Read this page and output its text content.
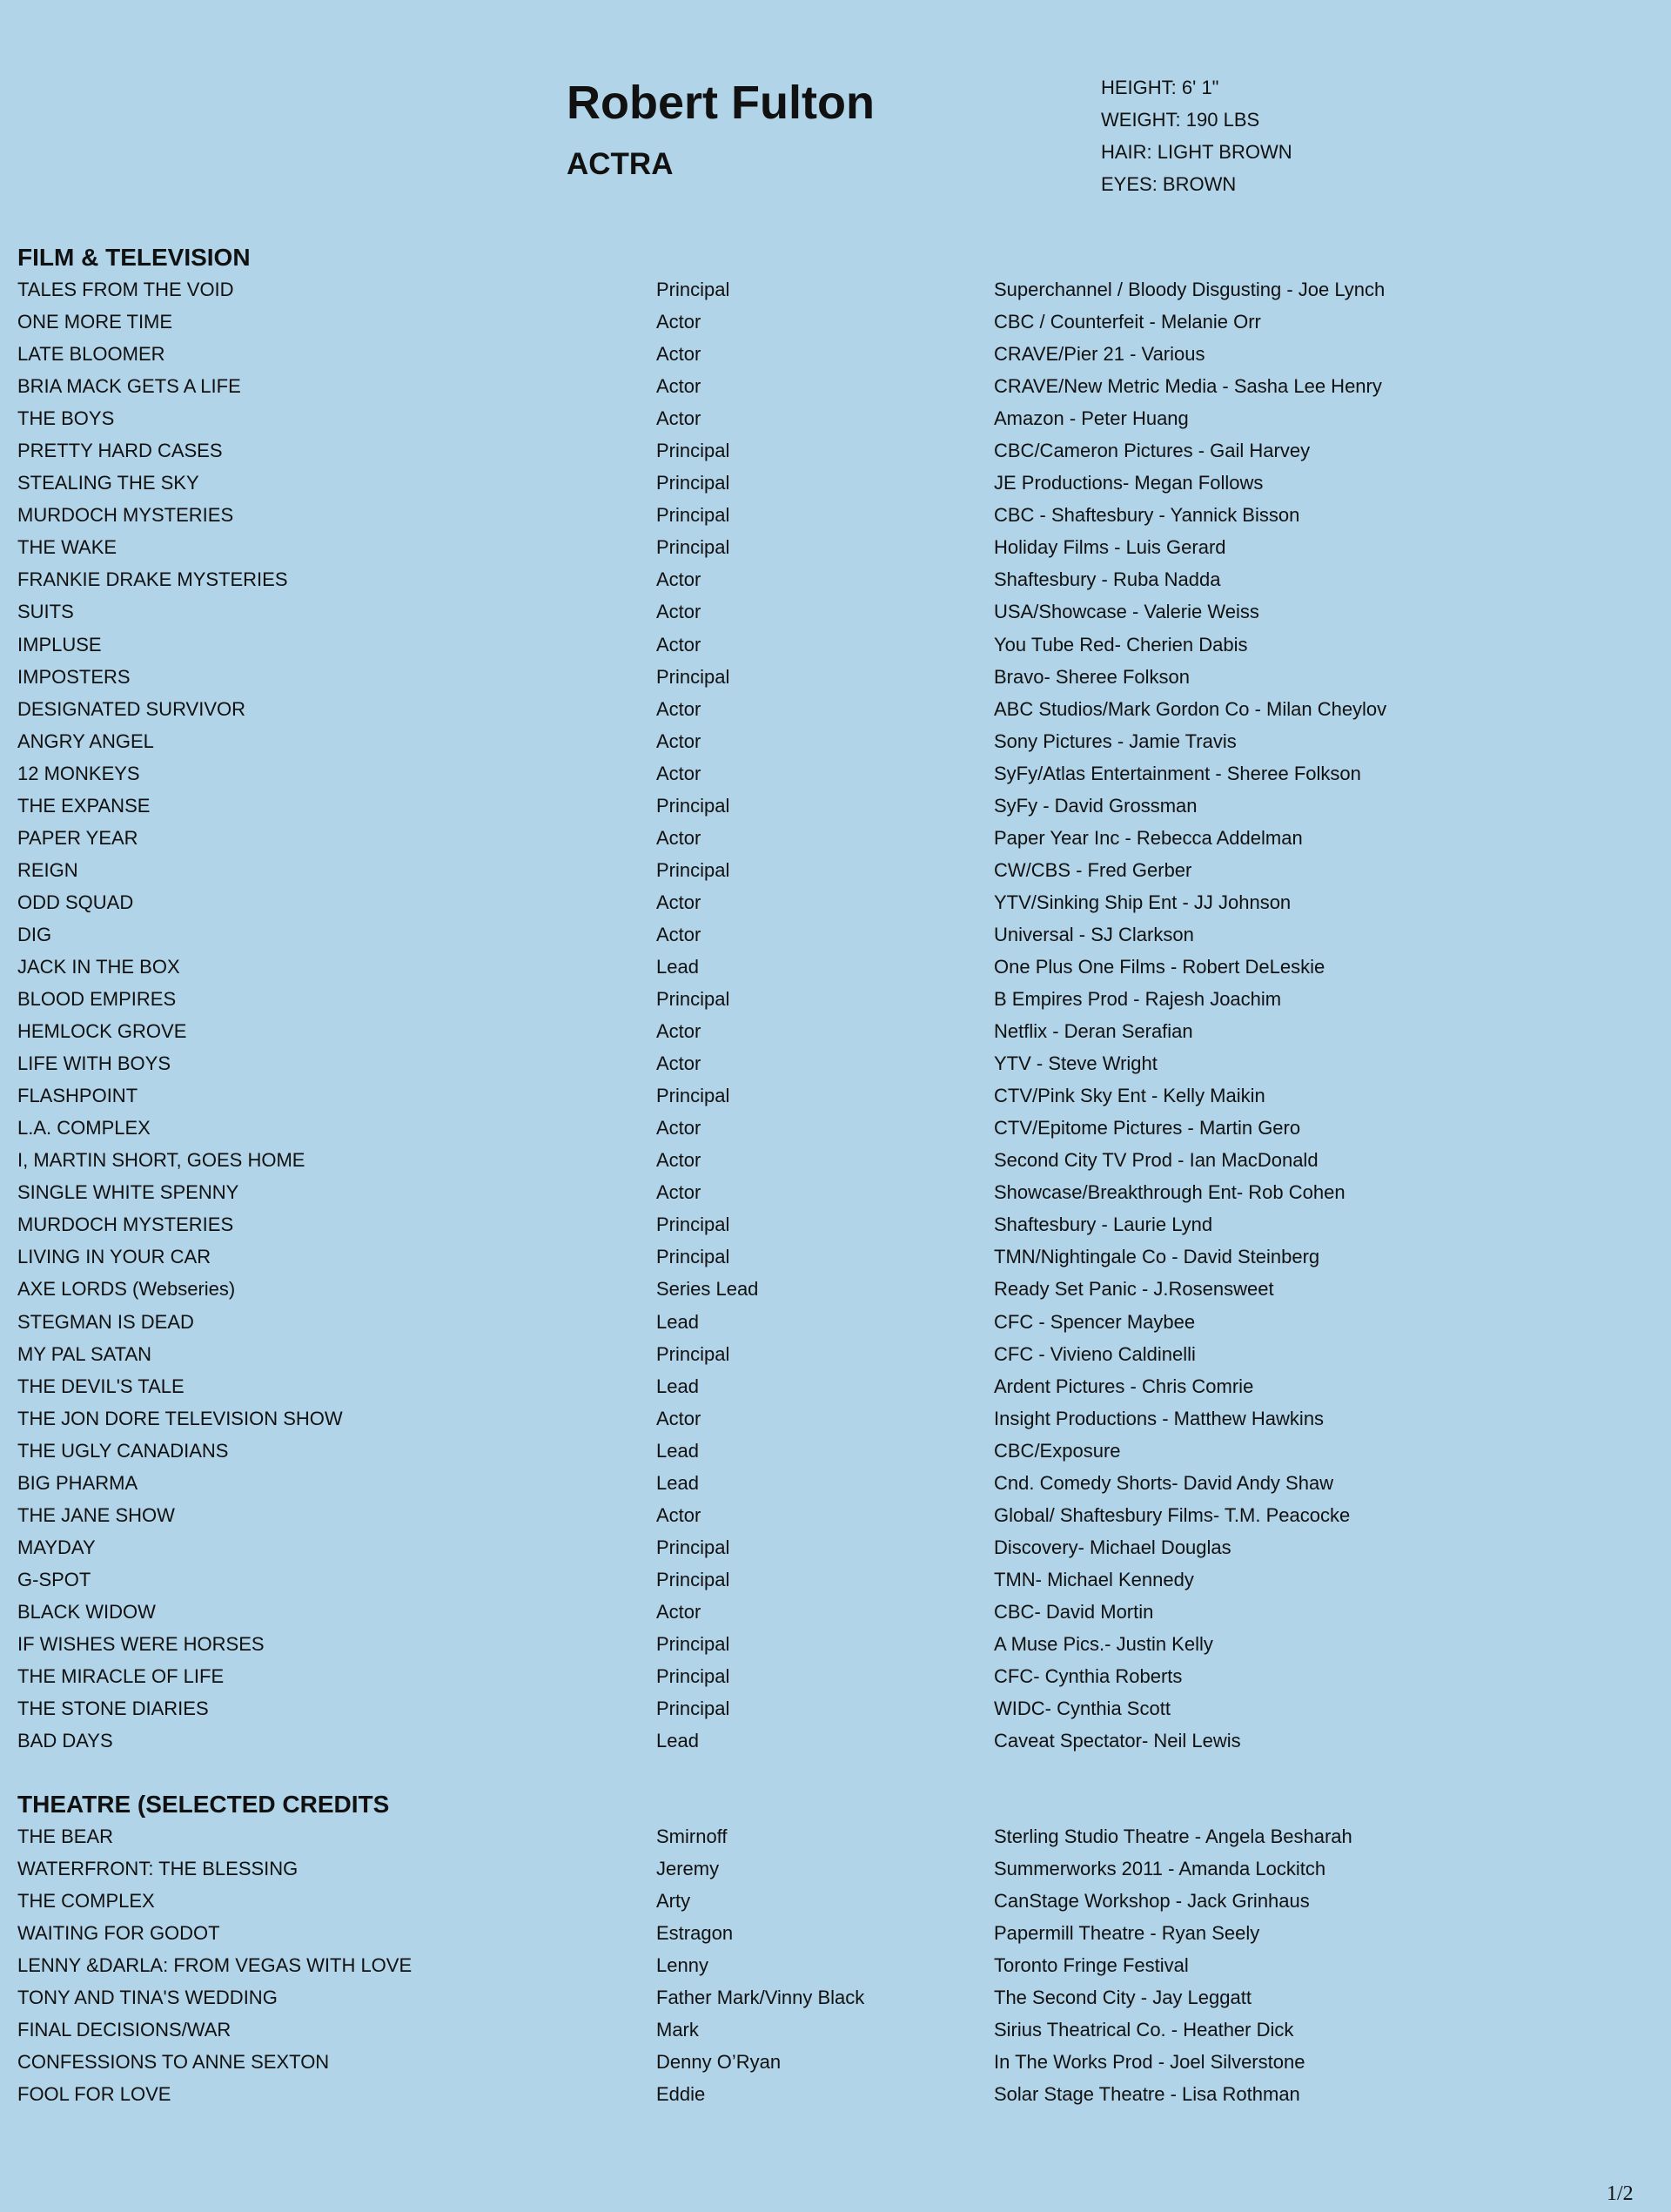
Robert Fulton
ACTRA
HEIGHT: 6' 1"
WEIGHT: 190 LBS
HAIR: LIGHT BROWN
EYES: BROWN
FILM & TELEVISION
TALES FROM THE VOID	Principal	Superchannel / Bloody Disgusting - Joe Lynch
ONE MORE TIME	Actor	CBC / Counterfeit - Melanie Orr
LATE BLOOMER	Actor	CRAVE/Pier 21 - Various
BRIA MACK GETS A LIFE	Actor	CRAVE/New Metric Media - Sasha Lee Henry
THE BOYS	Actor	Amazon - Peter Huang
PRETTY HARD CASES	Principal	CBC/Cameron Pictures - Gail Harvey
STEALING THE SKY	Principal	JE Productions- Megan Follows
MURDOCH MYSTERIES	Principal	CBC - Shaftesbury - Yannick Bisson
THE WAKE	Principal	Holiday Films - Luis Gerard
FRANKIE DRAKE MYSTERIES	Actor	Shaftesbury - Ruba Nadda
SUITS	Actor	USA/Showcase - Valerie Weiss
IMPLUSE	Actor	You Tube Red- Cherien Dabis
IMPOSTERS	Principal	Bravo- Sheree Folkson
DESIGNATED SURVIVOR	Actor	ABC Studios/Mark Gordon Co - Milan Cheylov
ANGRY ANGEL	Actor	Sony Pictures - Jamie Travis
12 MONKEYS	Actor	SyFy/Atlas Entertainment - Sheree Folkson
THE EXPANSE	Principal	SyFy - David Grossman
PAPER YEAR	Actor	Paper Year Inc - Rebecca Addelman
REIGN	Principal	CW/CBS - Fred Gerber
ODD SQUAD	Actor	YTV/Sinking Ship Ent - JJ Johnson
DIG	Actor	Universal - SJ Clarkson
JACK IN THE BOX	Lead	One Plus One Films - Robert DeLeskie
BLOOD EMPIRES	Principal	B Empires Prod - Rajesh Joachim
HEMLOCK GROVE	Actor	Netflix - Deran Serafian
LIFE WITH BOYS	Actor	YTV - Steve Wright
FLASHPOINT	Principal	CTV/Pink Sky Ent - Kelly Maikin
L.A. COMPLEX	Actor	CTV/Epitome Pictures - Martin Gero
I, MARTIN SHORT, GOES HOME	Actor	Second City TV Prod - Ian MacDonald
SINGLE WHITE SPENNY	Actor	Showcase/Breakthrough Ent- Rob Cohen
MURDOCH MYSTERIES	Principal	Shaftesbury - Laurie Lynd
LIVING IN YOUR CAR	Principal	TMN/Nightingale Co - David Steinberg
AXE LORDS (Webseries)	Series Lead	Ready Set Panic - J.Rosensweet
STEGMAN IS DEAD	Lead	CFC - Spencer Maybee
MY PAL SATAN	Principal	CFC - Vivieno Caldinelli
THE DEVIL'S TALE	Lead	Ardent Pictures - Chris Comrie
THE JON DORE TELEVISION SHOW	Actor	Insight Productions - Matthew Hawkins
THE UGLY CANADIANS	Lead	CBC/Exposure
BIG PHARMA	Lead	Cnd. Comedy Shorts- David Andy Shaw
THE JANE SHOW	Actor	Global/ Shaftesbury Films- T.M. Peacocke
MAYDAY	Principal	Discovery- Michael Douglas
G-SPOT	Principal	TMN- Michael Kennedy
BLACK WIDOW	Actor	CBC- David Mortin
IF WISHES WERE HORSES	Principal	A Muse Pics.- Justin Kelly
THE MIRACLE OF LIFE	Principal	CFC- Cynthia Roberts
THE STONE DIARIES	Principal	WIDC- Cynthia Scott
BAD DAYS	Lead	Caveat Spectator- Neil Lewis
THEATRE (SELECTED CREDITS
THE BEAR	Smirnoff	Sterling Studio Theatre - Angela Besharah
WATERFRONT: THE BLESSING	Jeremy	Summerworks 2011 - Amanda Lockitch
THE COMPLEX	Arty	CanStage Workshop - Jack Grinhaus
WAITING FOR GODOT	Estragon	Papermill Theatre - Ryan Seely
LENNY &DARLA: FROM VEGAS WITH LOVE	Lenny	Toronto Fringe Festival
TONY AND TINA'S WEDDING	Father Mark/Vinny Black	The Second City - Jay Leggatt
FINAL DECISIONS/WAR	Mark	Sirius Theatrical Co. - Heather Dick
CONFESSIONS TO ANNE SEXTON	Denny O’Ryan	In The Works Prod - Joel Silverstone
FOOL FOR LOVE	Eddie	Solar Stage Theatre - Lisa Rothman
1/2
